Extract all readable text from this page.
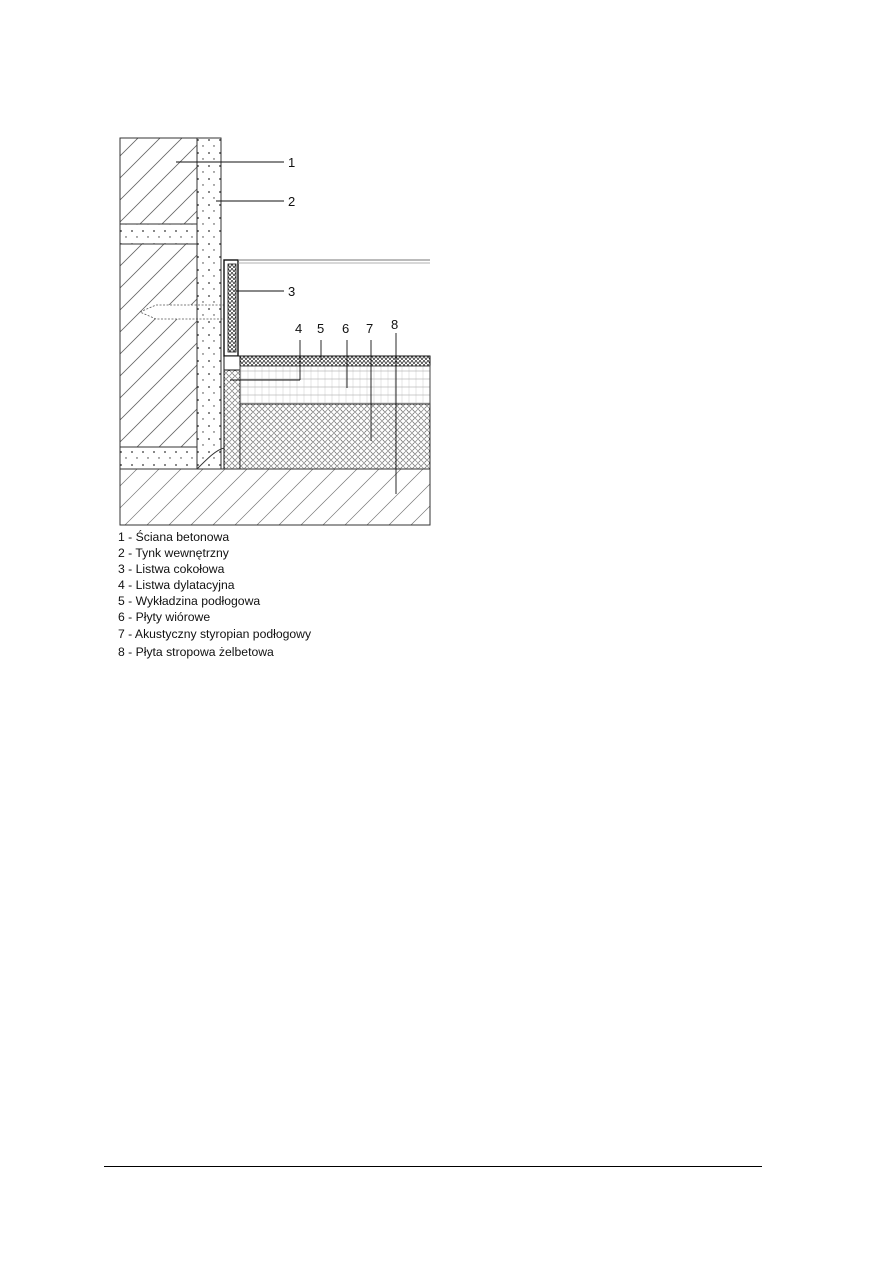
1
2
3
4 5 6 7 8
1 - Ściana betonowa
2 - Tynk wewnętrzny
3 - Listwa cokołowa
4 - Listwa dylatacyjna
5 - Wykładzina podłogowa
6 - Płyty wiórowe
7 - Akustyczny styropian podłogowy
8 - Płyta stropowa żelbetowa
